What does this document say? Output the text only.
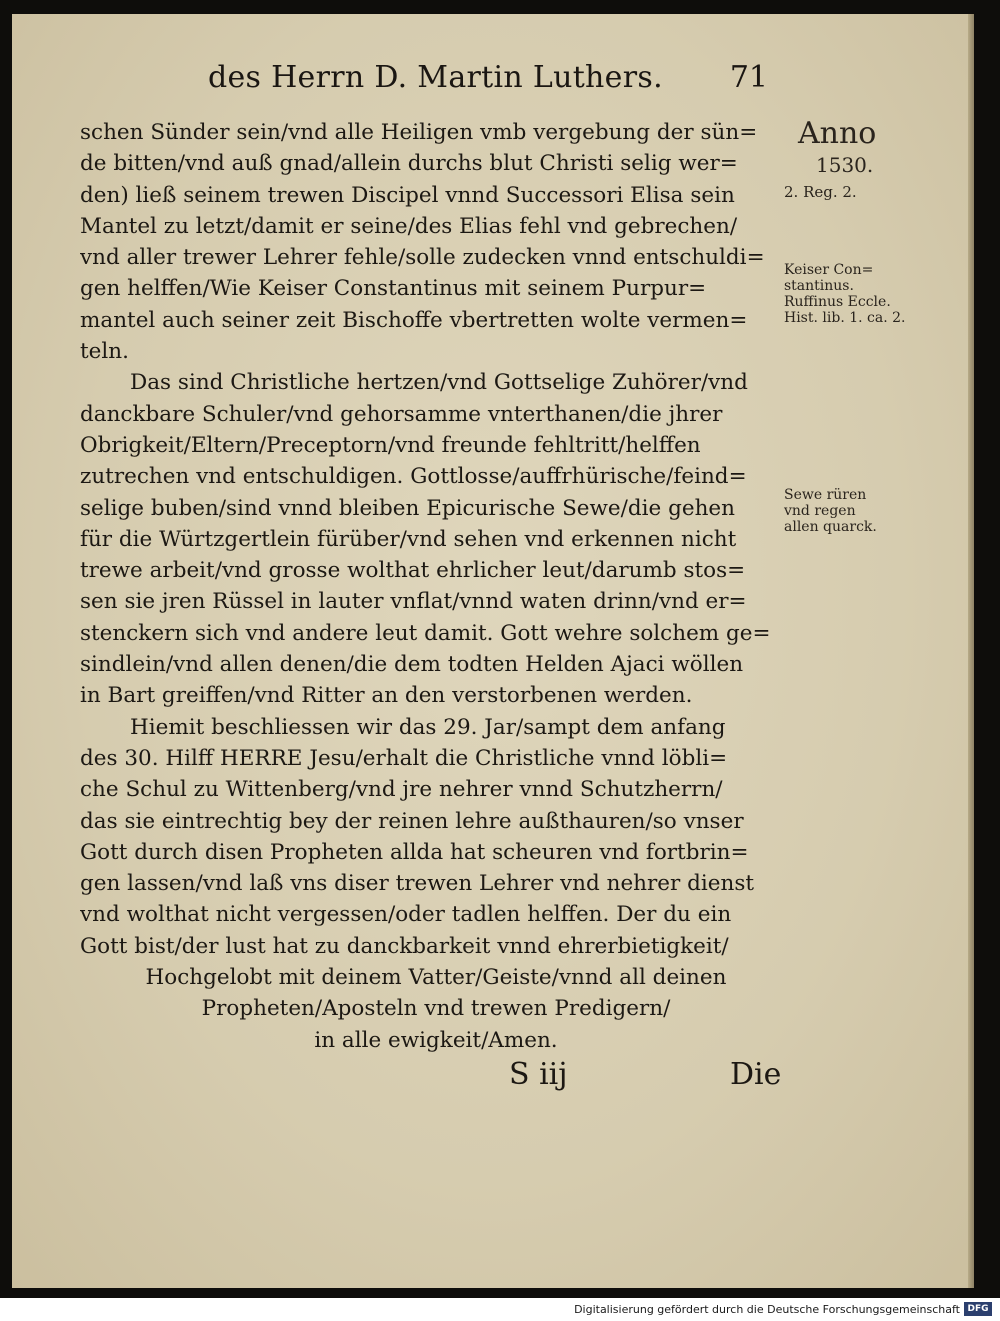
des Herrn D. Martin Luthers. 71
schen Sünder sein/vnd alle Heiligen vmb vergebung der sün=
de bitten/vnd auß gnad/allein durchs blut Christi selig wer=
den) ließ seinem trewen Discipel vnnd Successori Elisa sein
Mantel zu letzt/damit er seine/des Elias fehl vnd gebrechen/
vnd aller trewer Lehrer fehle/solle zudecken vnnd entschuldi=
gen helffen/Wie Keiser Constantinus mit seinem Purpur=
mantel auch seiner zeit Bischoffe vbertretten wolte vermen=
teln.
Das sind Christliche hertzen/vnd Gottselige Zuhörer/vnd
danckbare Schuler/vnd gehorsamme vnterthanen/die jhrer
Obrigkeit/Eltern/Preceptorn/vnd freunde fehltritt/helffen
zutrechen vnd entschuldigen. Gottlosse/auffrhürische/feind=
selige buben/sind vnnd bleiben Epicurische Sewe/die gehen
für die Würtzgertlein fürüber/vnd sehen vnd erkennen nicht
trewe arbeit/vnd grosse wolthat ehrlicher leut/darumb stos=
sen sie jren Rüssel in lauter vnflat/vnnd waten drinn/vnd er=
stenckern sich vnd andere leut damit. Gott wehre solchem ge=
sindlein/vnd allen denen/die dem todten Helden Ajaci wöllen
in Bart greiffen/vnd Ritter an den verstorbenen werden.
Hiemit beschliessen wir das 29. Jar/sampt dem anfang
des 30. Hilff HERRE Jesu/erhalt die Christliche vnnd löbli=
che Schul zu Wittenberg/vnd jre nehrer vnnd Schutzherrn/
das sie eintrechtig bey der reinen lehre außthauren/so vnser
Gott durch disen Propheten allda hat scheuren vnd fortbrin=
gen lassen/vnd laß vns diser trewen Lehrer vnd nehrer dienst
vnd wolthat nicht vergessen/oder tadlen helffen. Der du ein
Gott bist/der lust hat zu danckbarkeit vnnd ehrerbietigkeit/
Hochgelobt mit deinem Vatter/Geiste/vnnd all deinen
Propheten/Aposteln vnd trewen Predigern/
in alle ewigkeit/Amen.
Anno
1530.
2. Reg. 2.
Keiser Con=
stantinus.
Ruffinus Eccle.
Hist. lib. 1. ca. 2.
Sewe rüren
vnd regen
allen quarck.
S iij	Die
Digitalisierung gefördert durch die Deutsche Forschungsgemeinschaft DFG
